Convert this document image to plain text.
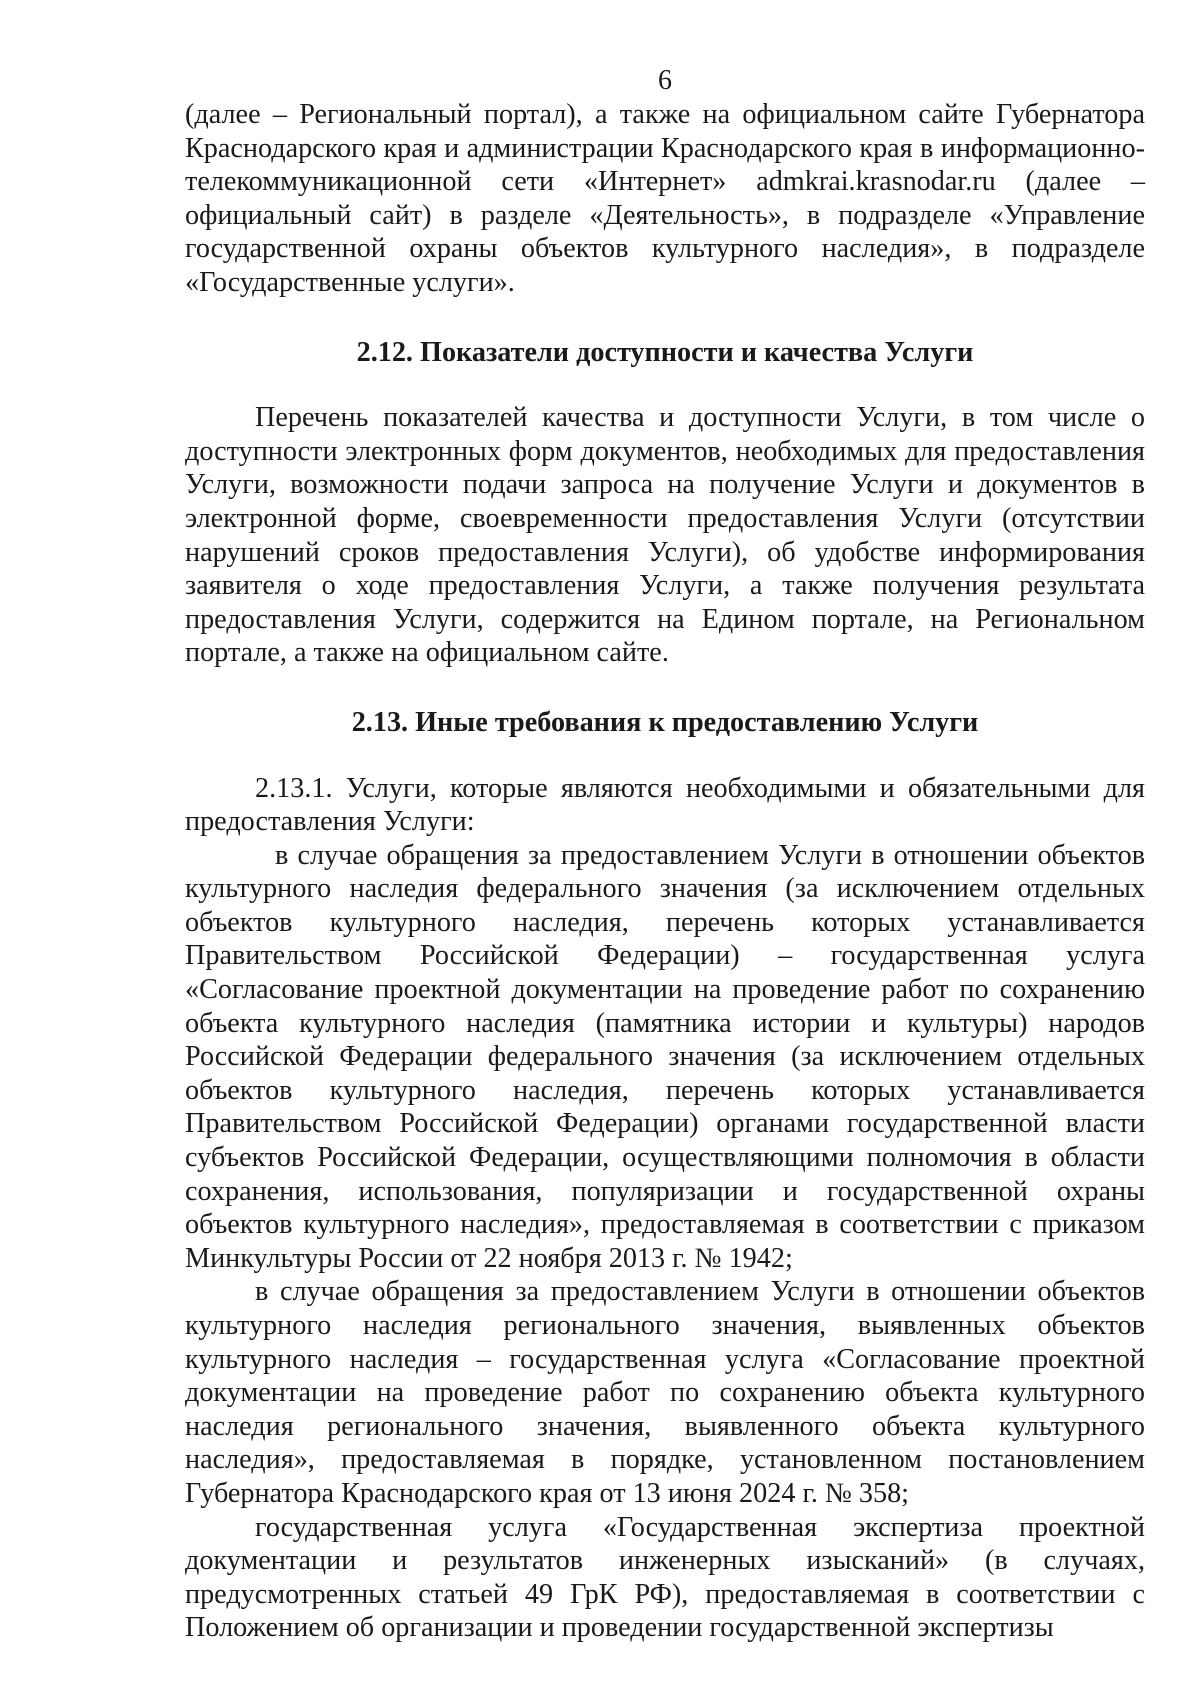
6

(далее – Региональный портал), а также на официальном сайте Губернатора Краснодарского края и администрации Краснодарского края в информационно-телекоммуникационной сети «Интернет» admkrai.krasnodar.ru (далее – официальный сайт) в разделе «Деятельность», в подразделе «Управление государственной охраны объектов культурного наследия», в подразделе «Государственные услуги».

2.12. Показатели доступности и качества Услуги

Перечень показателей качества и доступности Услуги, в том числе о доступности электронных форм документов, необходимых для предоставления Услуги, возможности подачи запроса на получение Услуги и документов в электронной форме, своевременности предоставления Услуги (отсутствии нарушений сроков предоставления Услуги), об удобстве информирования заявителя о ходе предоставления Услуги, а также получения результата предоставления Услуги, содержится на Едином портале, на Региональном портале, а также на официальном сайте.

2.13. Иные требования к предоставлению Услуги

2.13.1. Услуги, которые являются необходимыми и обязательными для предоставления Услуги:

в случае обращения за предоставлением Услуги в отношении объектов культурного наследия федерального значения (за исключением отдельных объектов культурного наследия, перечень которых устанавливается Правительством Российской Федерации) – государственная услуга «Согласование проектной документации на проведение работ по сохранению объекта культурного наследия (памятника истории и культуры) народов Российской Федерации федерального значения (за исключением отдельных объектов культурного наследия, перечень которых устанавливается Правительством Российской Федерации) органами государственной власти субъектов Российской Федерации, осуществляющими полномочия в области сохранения, использования, популяризации и государственной охраны объектов культурного наследия», предоставляемая в соответствии с приказом Минкультуры России от 22 ноября 2013 г. № 1942;

в случае обращения за предоставлением Услуги в отношении объектов культурного наследия регионального значения, выявленных объектов культурного наследия – государственная услуга «Согласование проектной документации на проведение работ по сохранению объекта культурного наследия регионального значения, выявленного объекта культурного наследия», предоставляемая в порядке, установленном постановлением Губернатора Краснодарского края от 13 июня 2024 г. № 358;

государственная услуга «Государственная экспертиза проектной документации и результатов инженерных изысканий» (в случаях, предусмотренных статьей 49 ГрК РФ), предоставляемая в соответствии с Положением об организации и проведении государственной экспертизы
